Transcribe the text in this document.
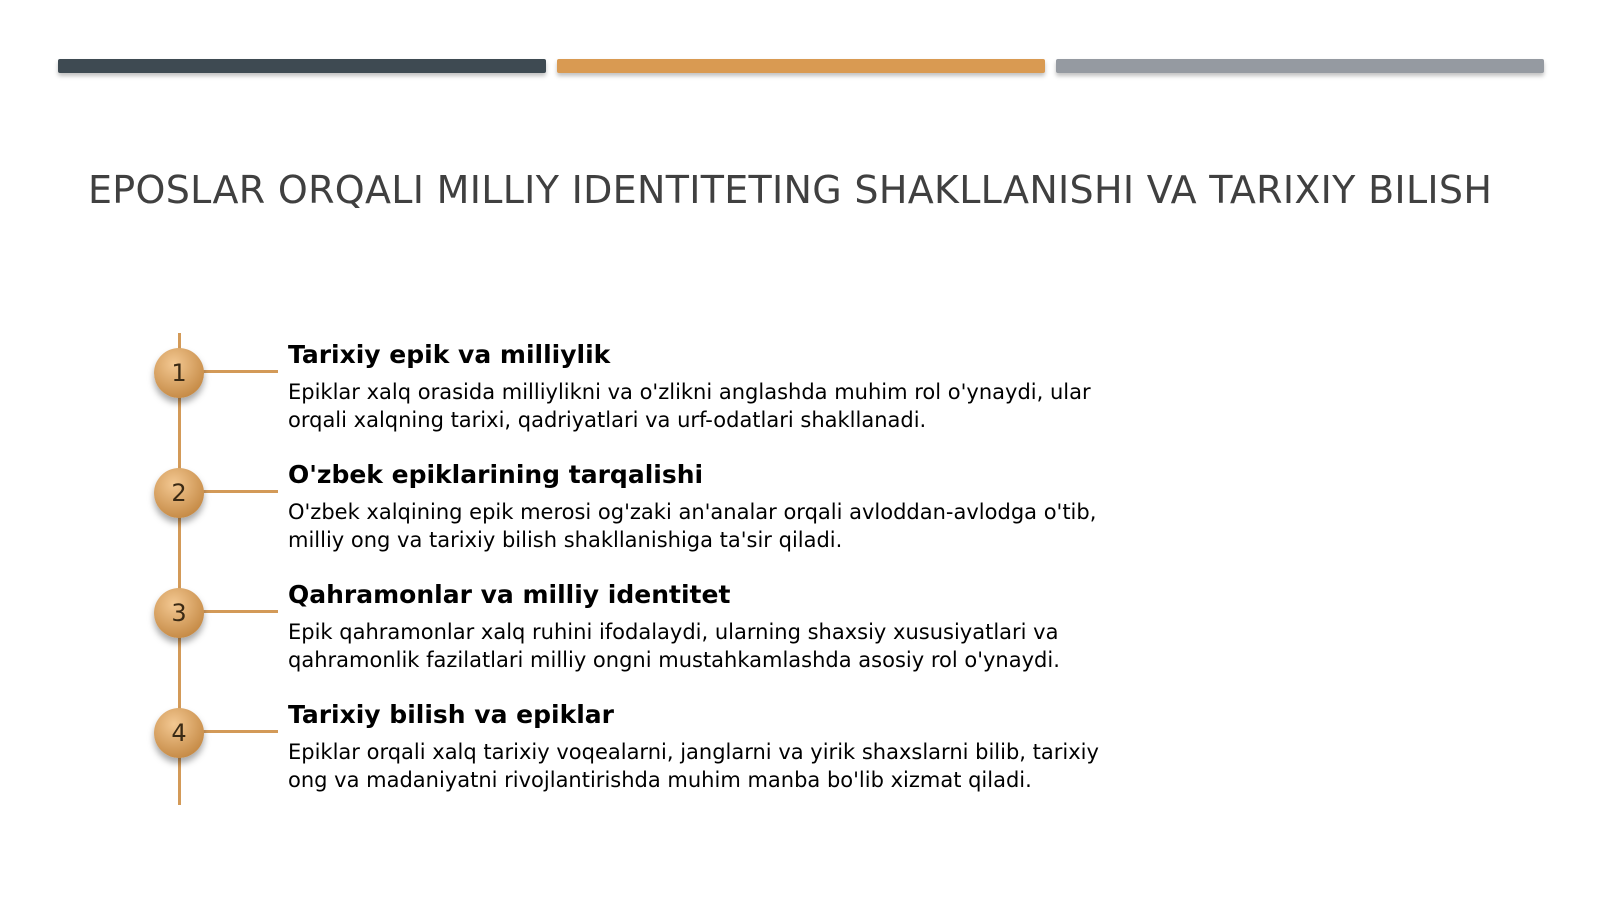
EPOSLAR ORQALI MILLIY IDENTITETING SHAKLLANISHI VA TARIXIY BILISH
1
Tarixiy epik va milliylik

Epiklar xalq orasida milliylikni va o'zlikni anglashda muhim rol o'ynaydi, ular orqali xalqning tarixi, qadriyatlari va urf-odatlari shakllanadi.

2
O'zbek epiklarining tarqalishi

O'zbek xalqining epik merosi og'zaki an'analar orqali avloddan-avlodga o'tib, milliy ong va tarixiy bilish shakllanishiga ta'sir qiladi.

3
Qahramonlar va milliy identitet

Epik qahramonlar xalq ruhini ifodalaydi, ularning shaxsiy xususiyatlari va qahramonlik fazilatlari milliy ongni mustahkamlashda asosiy rol o'ynaydi.

4
Tarixiy bilish va epiklar

Epiklar orqali xalq tarixiy voqealarni, janglarni va yirik shaxslarni bilib, tarixiy ong va madaniyatni rivojlantirishda muhim manba bo'lib xizmat qiladi.
